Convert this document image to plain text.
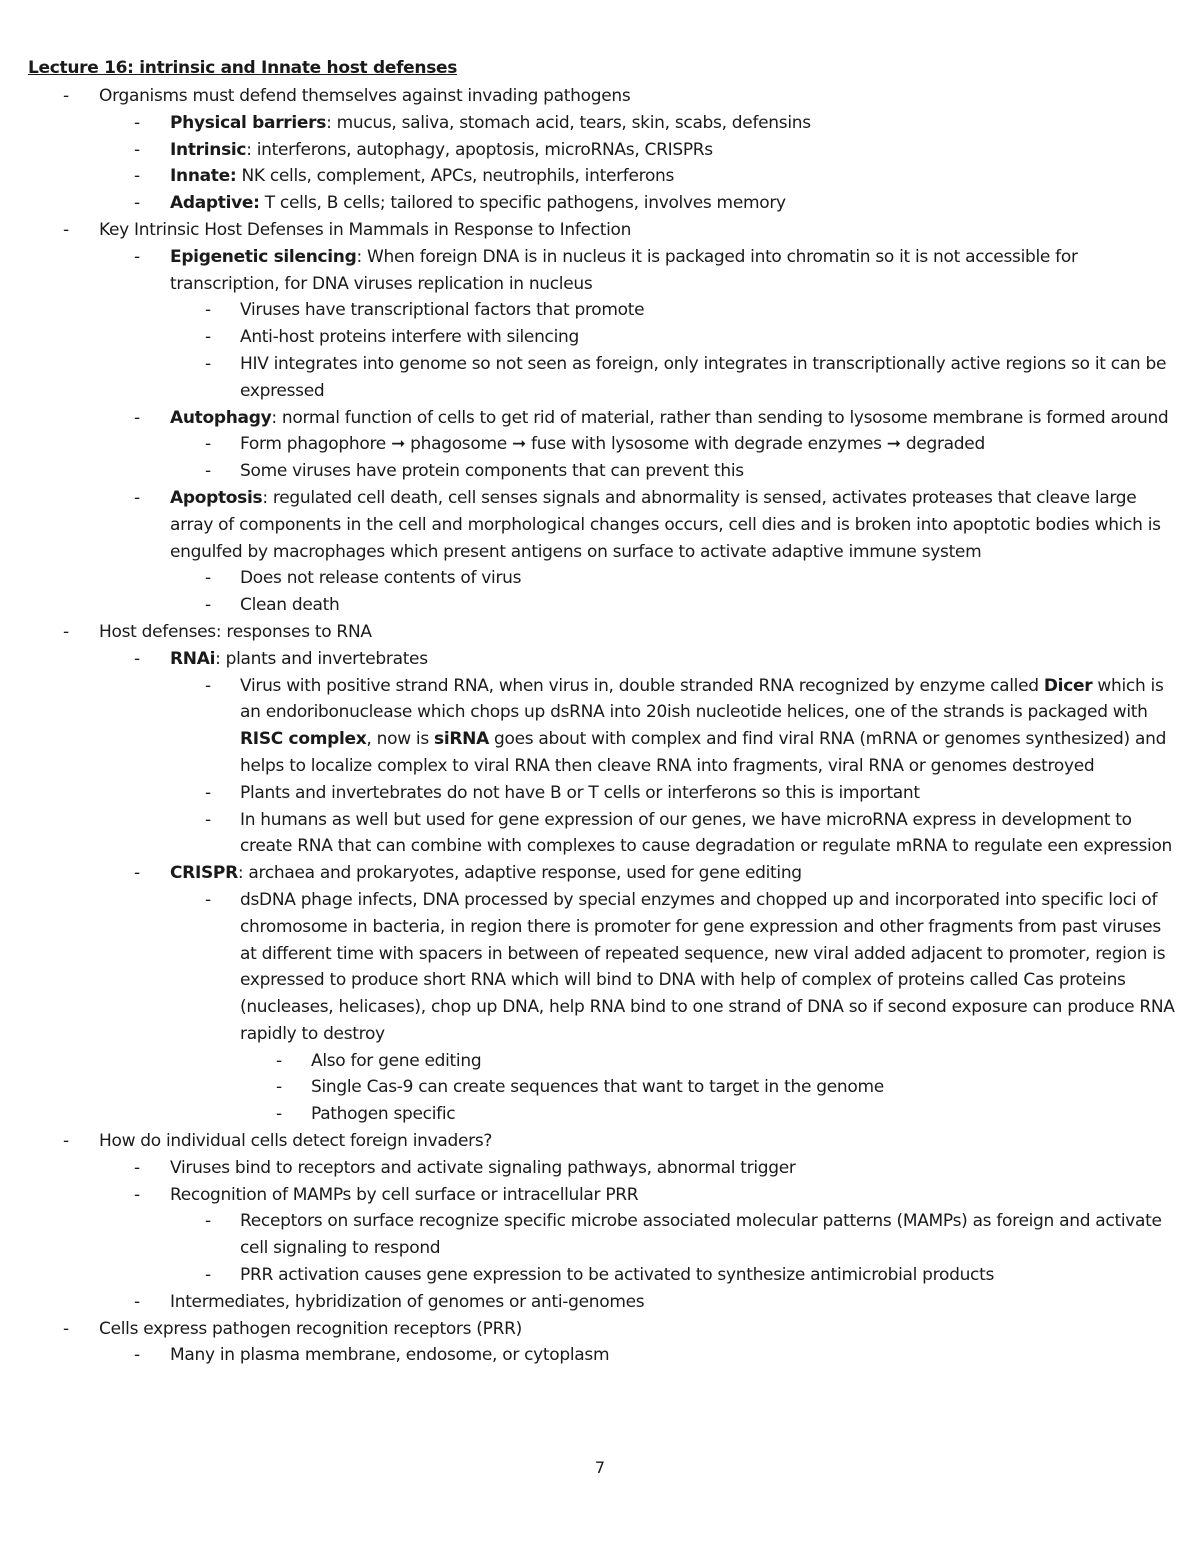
Lecture 16: intrinsic and Innate host defenses
- Organisms must defend themselves against invading pathogens
- Physical barriers: mucus, saliva, stomach acid, tears, skin, scabs, defensins
- Intrinsic: interferons, autophagy, apoptosis, microRNAs, CRISPRs
- Innate: NK cells, complement, APCs, neutrophils, interferons
- Adaptive: T cells, B cells; tailored to specific pathogens, involves memory
- Key Intrinsic Host Defenses in Mammals in Response to Infection
- Epigenetic silencing: When foreign DNA is in nucleus it is packaged into chromatin so it is not accessible for transcription, for DNA viruses replication in nucleus
- Viruses have transcriptional factors that promote
- Anti-host proteins interfere with silencing
- HIV integrates into genome so not seen as foreign, only integrates in transcriptionally active regions so it can be expressed
- Autophagy: normal function of cells to get rid of material, rather than sending to lysosome membrane is formed around
- Form phagophore ➞ phagosome ➞ fuse with lysosome with degrade enzymes ➞ degraded
- Some viruses have protein components that can prevent this
- Apoptosis: regulated cell death, cell senses signals and abnormality is sensed, activates proteases that cleave large array of components in the cell and morphological changes occurs, cell dies and is broken into apoptotic bodies which is engulfed by macrophages which present antigens on surface to activate adaptive immune system
- Does not release contents of virus
- Clean death
- Host defenses: responses to RNA
- RNAi: plants and invertebrates
- Virus with positive strand RNA, when virus in, double stranded RNA recognized by enzyme called Dicer which is an endoribonuclease which chops up dsRNA into 20ish nucleotide helices, one of the strands is packaged with RISC complex, now is siRNA goes about with complex and find viral RNA (mRNA or genomes synthesized) and helps to localize complex to viral RNA then cleave RNA into fragments, viral RNA or genomes destroyed
- Plants and invertebrates do not have B or T cells or interferons so this is important
- In humans as well but used for gene expression of our genes, we have microRNA express in development to create RNA that can combine with complexes to cause degradation or regulate mRNA to regulate een expression
- CRISPR: archaea and prokaryotes, adaptive response, used for gene editing
- dsDNA phage infects, DNA processed by special enzymes and chopped up and incorporated into specific loci of chromosome in bacteria, in region there is promoter for gene expression and other fragments from past viruses at different time with spacers in between of repeated sequence, new viral added adjacent to promoter, region is expressed to produce short RNA which will bind to DNA with help of complex of proteins called Cas proteins (nucleases, helicases), chop up DNA, help RNA bind to one strand of DNA so if second exposure can produce RNA rapidly to destroy
- Also for gene editing
- Single Cas-9 can create sequences that want to target in the genome
- Pathogen specific
- How do individual cells detect foreign invaders?
- Viruses bind to receptors and activate signaling pathways, abnormal trigger
- Recognition of MAMPs by cell surface or intracellular PRR
- Receptors on surface recognize specific microbe associated molecular patterns (MAMPs) as foreign and activate cell signaling to respond
- PRR activation causes gene expression to be activated to synthesize antimicrobial products
- Intermediates, hybridization of genomes or anti-genomes
- Cells express pathogen recognition receptors (PRR)
- Many in plasma membrane, endosome, or cytoplasm
7
